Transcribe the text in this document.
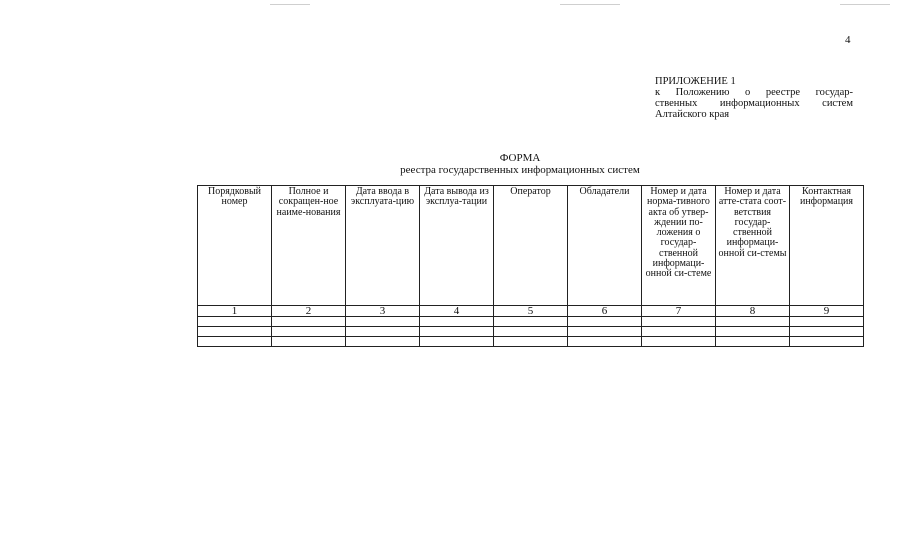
4
ПРИЛОЖЕНИЕ 1
к Положению о реестре государ-
ственных информационных систем
Алтайского края
ФОРМА
реестра государственных информационных систем
Порядковый номер	Полное и сокращен-ное наиме-нования	Дата ввода в эксплуата-цию	Дата вывода из эксплуа-тации	Оператор	Обладатели	Номер и дата норма-тивного акта об утвер-ждении по-ложения о государ-ственной информаци-онной си-стеме	Номер и дата атте-стата соот-ветствия государ-ственной информаци-онной си-стемы	Контактная информация
1	2	3	4	5	6	7	8	9
